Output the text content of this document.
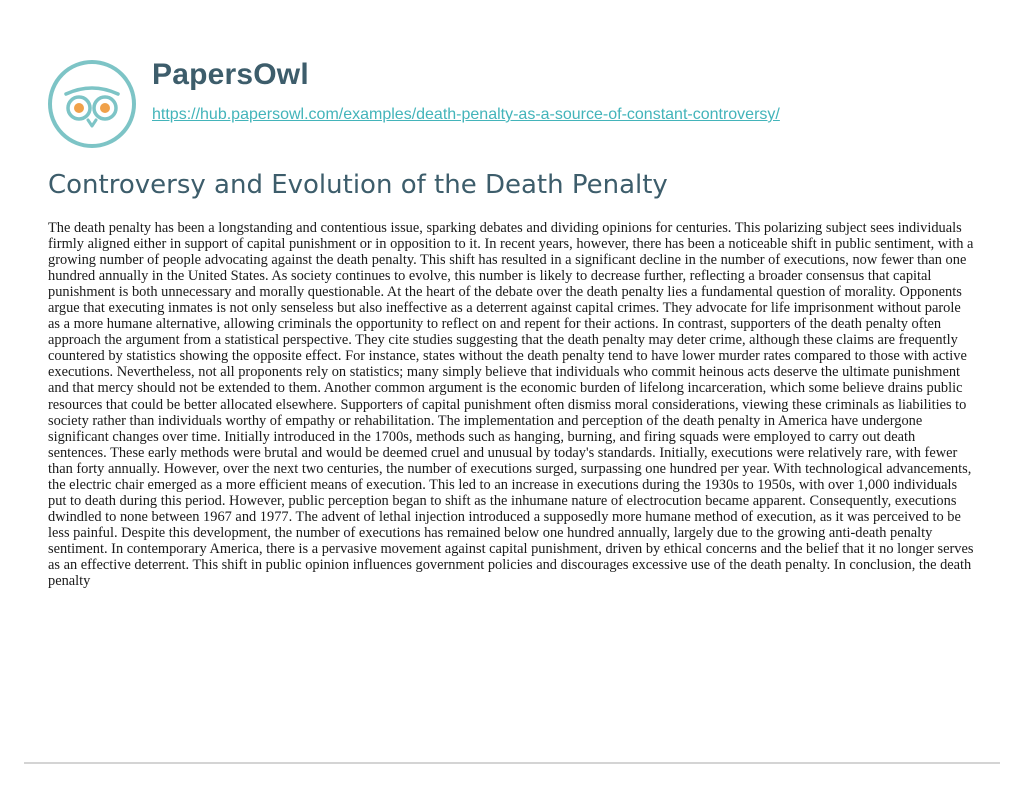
PapersOwl
https://hub.papersowl.com/examples/death-penalty-as-a-source-of-constant-controversy/
Controversy and Evolution of the Death Penalty

The death penalty has been a longstanding and contentious issue, sparking debates and dividing opinions for centuries. This polarizing subject sees individuals firmly aligned either in support of capital punishment or in opposition to it. In recent years, however, there has been a noticeable shift in public sentiment, with a growing number of people advocating against the death penalty. This shift has resulted in a significant decline in the number of executions, now fewer than one hundred annually in the United States. As society continues to evolve, this number is likely to decrease further, reflecting a broader consensus that capital punishment is both unnecessary and morally questionable. At the heart of the debate over the death penalty lies a fundamental question of morality. Opponents argue that executing inmates is not only senseless but also ineffective as a deterrent against capital crimes. They advocate for life imprisonment without parole as a more humane alternative, allowing criminals the opportunity to reflect on and repent for their actions. In contrast, supporters of the death penalty often approach the argument from a statistical perspective. They cite studies suggesting that the death penalty may deter crime, although these claims are frequently countered by statistics showing the opposite effect. For instance, states without the death penalty tend to have lower murder rates compared to those with active executions. Nevertheless, not all proponents rely on statistics; many simply believe that individuals who commit heinous acts deserve the ultimate punishment and that mercy should not be extended to them. Another common argument is the economic burden of lifelong incarceration, which some believe drains public resources that could be better allocated elsewhere. Supporters of capital punishment often dismiss moral considerations, viewing these criminals as liabilities to society rather than individuals worthy of empathy or rehabilitation. The implementation and perception of the death penalty in America have undergone significant changes over time. Initially introduced in the 1700s, methods such as hanging, burning, and firing squads were employed to carry out death sentences. These early methods were brutal and would be deemed cruel and unusual by today's standards. Initially, executions were relatively rare, with fewer than forty annually. However, over the next two centuries, the number of executions surged, surpassing one hundred per year. With technological advancements, the electric chair emerged as a more efficient means of execution. This led to an increase in executions during the 1930s to 1950s, with over 1,000 individuals put to death during this period. However, public perception began to shift as the inhumane nature of electrocution became apparent. Consequently, executions dwindled to none between 1967 and 1977. The advent of lethal injection introduced a supposedly more humane method of execution, as it was perceived to be less painful. Despite this development, the number of executions has remained below one hundred annually, largely due to the growing anti-death penalty sentiment. In contemporary America, there is a pervasive movement against capital punishment, driven by ethical concerns and the belief that it no longer serves as an effective deterrent. This shift in public opinion influences government policies and discourages excessive use of the death penalty. In conclusion, the death penalty
